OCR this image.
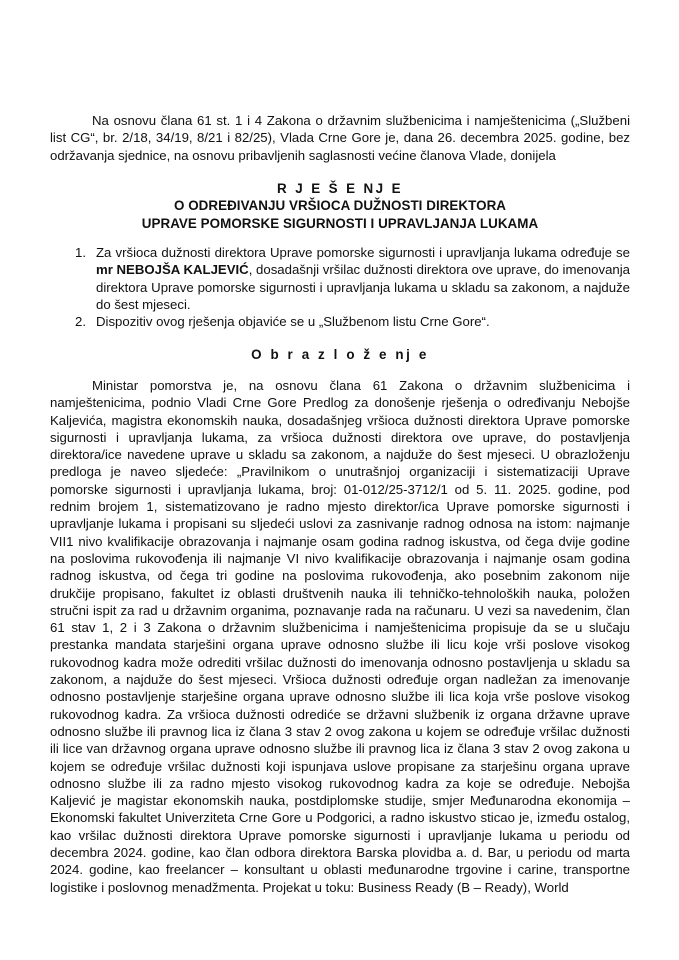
Na osnovu člana 61 st. 1 i 4 Zakona o državnim službenicima i namještenicima („Službeni list CG“, br. 2/18, 34/19, 8/21 i 82/25), Vlada Crne Gore je, dana 26. decembra 2025. godine, bez održavanja sjednice, na osnovu pribavljenih saglasnosti većine članova Vlade, donijela

R J E Š E NJ E

O ODREĐIVANJU VRŠIOCA DUŽNOSTI DIREKTORA

UPRAVE POMORSKE SIGURNOSTI I UPRAVLJANJA LUKAMA

1. Za vršioca dužnosti direktora Uprave pomorske sigurnosti i upravljanja lukama određuje se mr NEBOJŠA KALJEVIĆ, dosadašnji vršilac dužnosti direktora ove uprave, do imenovanja direktora Uprave pomorske sigurnosti i upravljanja lukama u skladu sa zakonom, a najduže do šest mjeseci.
2. Dispozitiv ovog rješenja objaviće se u „Službenom listu Crne Gore“.

O b r a z l o ž e nj e

Ministar pomorstva je, na osnovu člana 61 Zakona o državnim službenicima i namještenicima, podnio Vladi Crne Gore Predlog za donošenje rješenja o određivanju Nebojše Kaljevića, magistra ekonomskih nauka, dosadašnjeg vršioca dužnosti direktora Uprave pomorske sigurnosti i upravljanja lukama, za vršioca dužnosti direktora ove uprave, do postavljenja direktora/ice navedene uprave u skladu sa zakonom, a najduže do šest mjeseci. U obrazloženju predloga je naveo sljedeće: „Pravilnikom o unutrašnjoj organizaciji i sistematizaciji Uprave pomorske sigurnosti i upravljanja lukama, broj: 01-012/25-3712/1 od 5. 11. 2025. godine, pod rednim brojem 1, sistematizovano je radno mjesto direktor/ica Uprave pomorske sigurnosti i upravljanje lukama i propisani su sljedeći uslovi za zasnivanje radnog odnosa na istom: najmanje VII1 nivo kvalifikacije obrazovanja i najmanje osam godina radnog iskustva, od čega dvije godine na poslovima rukovođenja ili najmanje VI nivo kvalifikacije obrazovanja i najmanje osam godina radnog iskustva, od čega tri godine na poslovima rukovođenja, ako posebnim zakonom nije drukčije propisano, fakultet iz oblasti društvenih nauka ili tehničko-tehnoloških nauka, položen stručni ispit za rad u državnim organima, poznavanje rada na računaru. U vezi sa navedenim, član 61 stav 1, 2 i 3 Zakona o državnim službenicima i namještenicima propisuje da se u slučaju prestanka mandata starješini organa uprave odnosno službe ili licu koje vrši poslove visokog rukovodnog kadra može odrediti vršilac dužnosti do imenovanja odnosno postavljenja u skladu sa zakonom, a najduže do šest mjeseci. Vršioca dužnosti određuje organ nadležan za imenovanje odnosno postavljenje starješine organa uprave odnosno službe ili lica koja vrše poslove visokog rukovodnog kadra. Za vršioca dužnosti odrediće se državni službenik iz organa državne uprave odnosno službe ili pravnog lica iz člana 3 stav 2 ovog zakona u kojem se određuje vršilac dužnosti ili lice van državnog organa uprave odnosno službe ili pravnog lica iz člana 3 stav 2 ovog zakona u kojem se određuje vršilac dužnosti koji ispunjava uslove propisane za starješinu organa uprave odnosno službe ili za radno mjesto visokog rukovodnog kadra za koje se određuje. Nebojša Kaljević je magistar ekonomskih nauka, postdiplomske studije, smjer Međunarodna ekonomija – Ekonomski fakultet Univerziteta Crne Gore u Podgorici, a radno iskustvo sticao je, između ostalog, kao vršilac dužnosti direktora Uprave pomorske sigurnosti i upravljanje lukama u periodu od decembra 2024. godine, kao član odbora direktora Barska plovidba a. d. Bar, u periodu od marta 2024. godine, kao freelancer – konsultant u oblasti međunarodne trgovine i carine, transportne logistike i poslovnog menadžmenta. Projekat u toku: Business Ready (B – Ready), World
